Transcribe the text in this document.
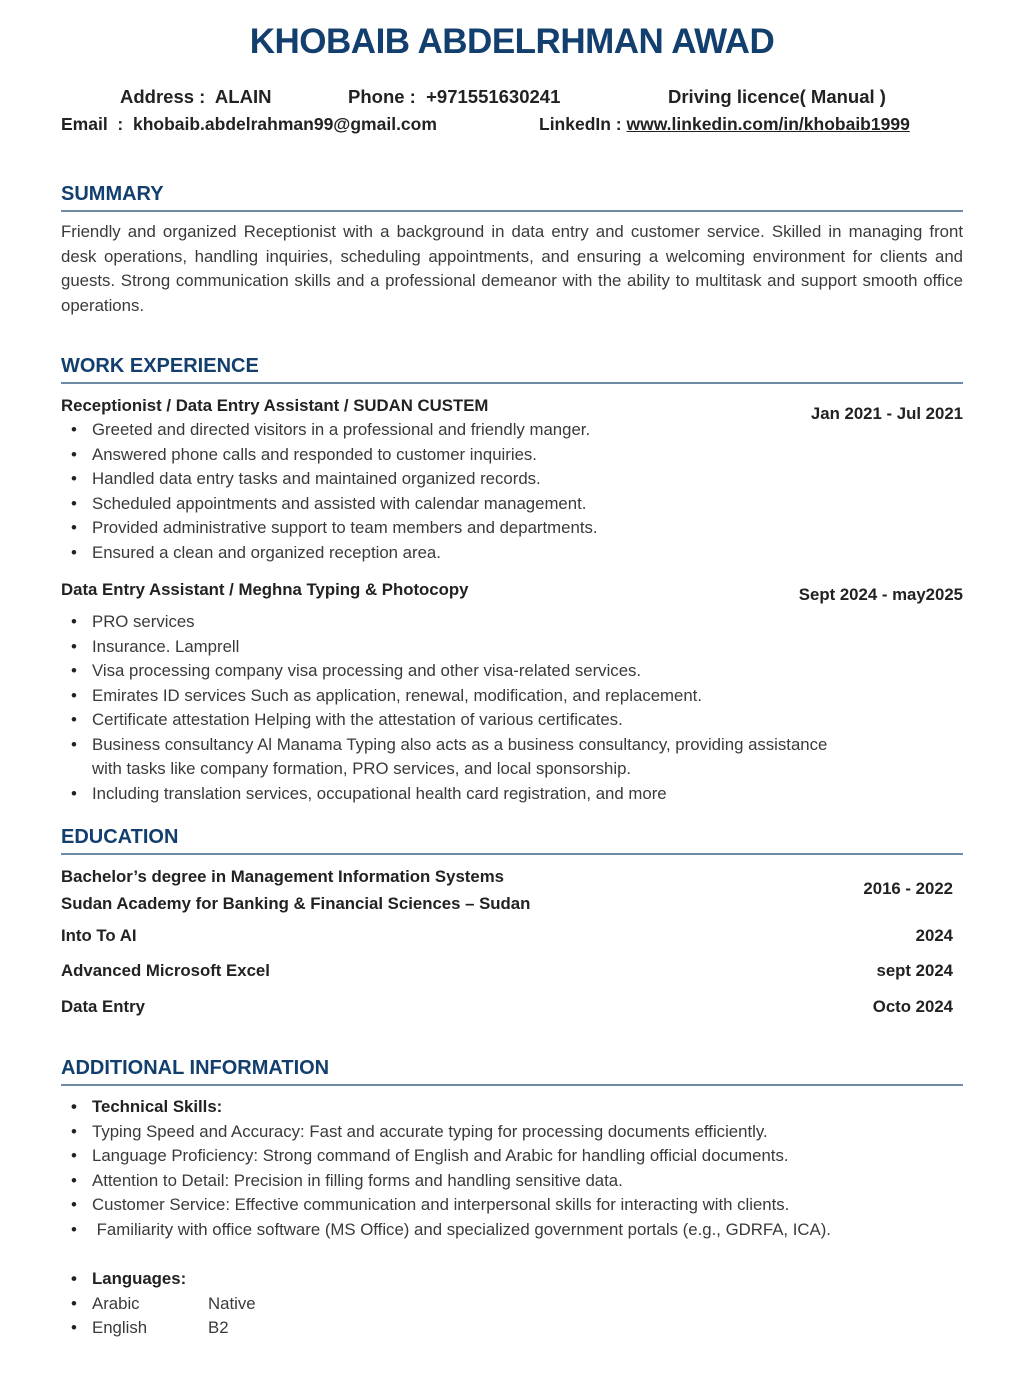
KHOBAIB ABDELRHMAN AWAD
Address :  ALAIN	Phone :  +971551630241	Driving licence( Manual )
Email  :  khobaib.abdelrahman99@gmail.com	LinkedIn : www.linkedin.com/in/khobaib1999
SUMMARY
Friendly and organized Receptionist with a background in data entry and customer service. Skilled in managing front desk operations, handling inquiries, scheduling appointments, and ensuring a welcoming environment for clients and guests. Strong communication skills and a professional demeanor with the ability to multitask and support smooth office operations.
WORK EXPERIENCE
Receptionist / Data Entry Assistant / SUDAN CUSTEM	Jan 2021 - Jul 2021
• Greeted and directed visitors in a professional and friendly manger.
• Answered phone calls and responded to customer inquiries.
• Handled data entry tasks and maintained organized records.
• Scheduled appointments and assisted with calendar management.
• Provided administrative support to team members and departments.
• Ensured a clean and organized reception area.
Data Entry Assistant / Meghna Typing & Photocopy	Sept 2024 - may2025
• PRO services
• Insurance. Lamprell
• Visa processing company visa processing and other visa-related services.
• Emirates ID services Such as application, renewal, modification, and replacement.
• Certificate attestation Helping with the attestation of various certificates.
• Business consultancy Al Manama Typing also acts as a business consultancy, providing assistance with tasks like company formation, PRO services, and local sponsorship.
• Including translation services, occupational health card registration, and more
EDUCATION
Bachelor’s degree in Management Information Systems
Sudan Academy for Banking & Financial Sciences – Sudan
2016 - 2022
Into To AI	2024
Advanced Microsoft Excel	sept 2024
Data Entry	Octo 2024
ADDITIONAL INFORMATION
• Technical Skills:
• Typing Speed and Accuracy: Fast and accurate typing for processing documents efficiently.
• Language Proficiency: Strong command of English and Arabic for handling official documents.
• Attention to Detail: Precision in filling forms and handling sensitive data.
• Customer Service: Effective communication and interpersonal skills for interacting with clients.
•  Familiarity with office software (MS Office) and specialized government portals (e.g., GDRFA, ICA).
• Languages:
• Arabic	Native
• English	B2
